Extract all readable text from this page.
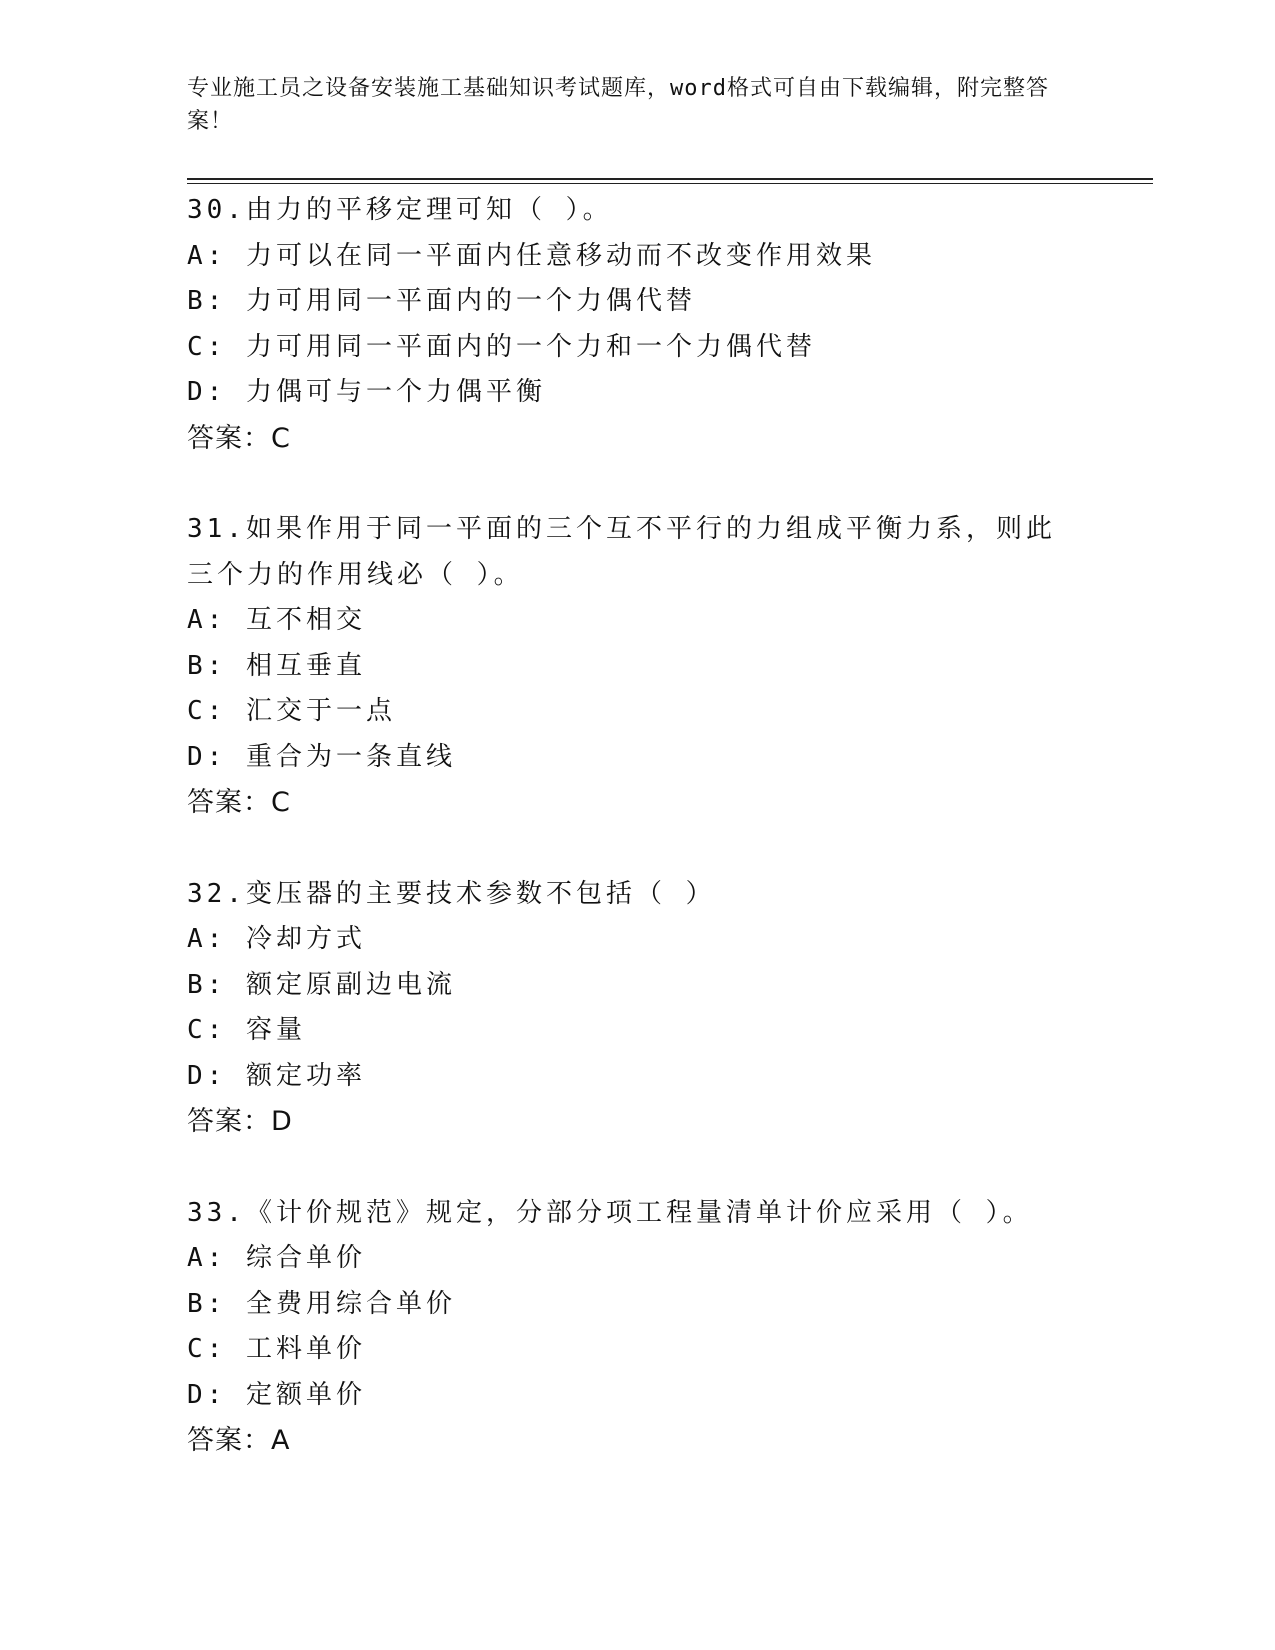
专业施工员之设备安装施工基础知识考试题库，word格式可自由下载编辑，附完整答案！

30.由力的平移定理可知（ ）。

A: 力可以在同一平面内任意移动而不改变作用效果

B: 力可用同一平面内的一个力偶代替

C: 力可用同一平面内的一个力和一个力偶代替

D: 力偶可与一个力偶平衡

答案：C

31.如果作用于同一平面的三个互不平行的力组成平衡力系，则此三个力的作用线必（ ）。

A: 互不相交

B: 相互垂直

C: 汇交于一点

D: 重合为一条直线

答案：C

32.变压器的主要技术参数不包括（ ）

A: 冷却方式

B: 额定原副边电流

C: 容量

D: 额定功率

答案：D

33.《计价规范》规定，分部分项工程量清单计价应采用（ ）。

A: 综合单价

B: 全费用综合单价

C: 工料单价

D: 定额单价

答案：A
